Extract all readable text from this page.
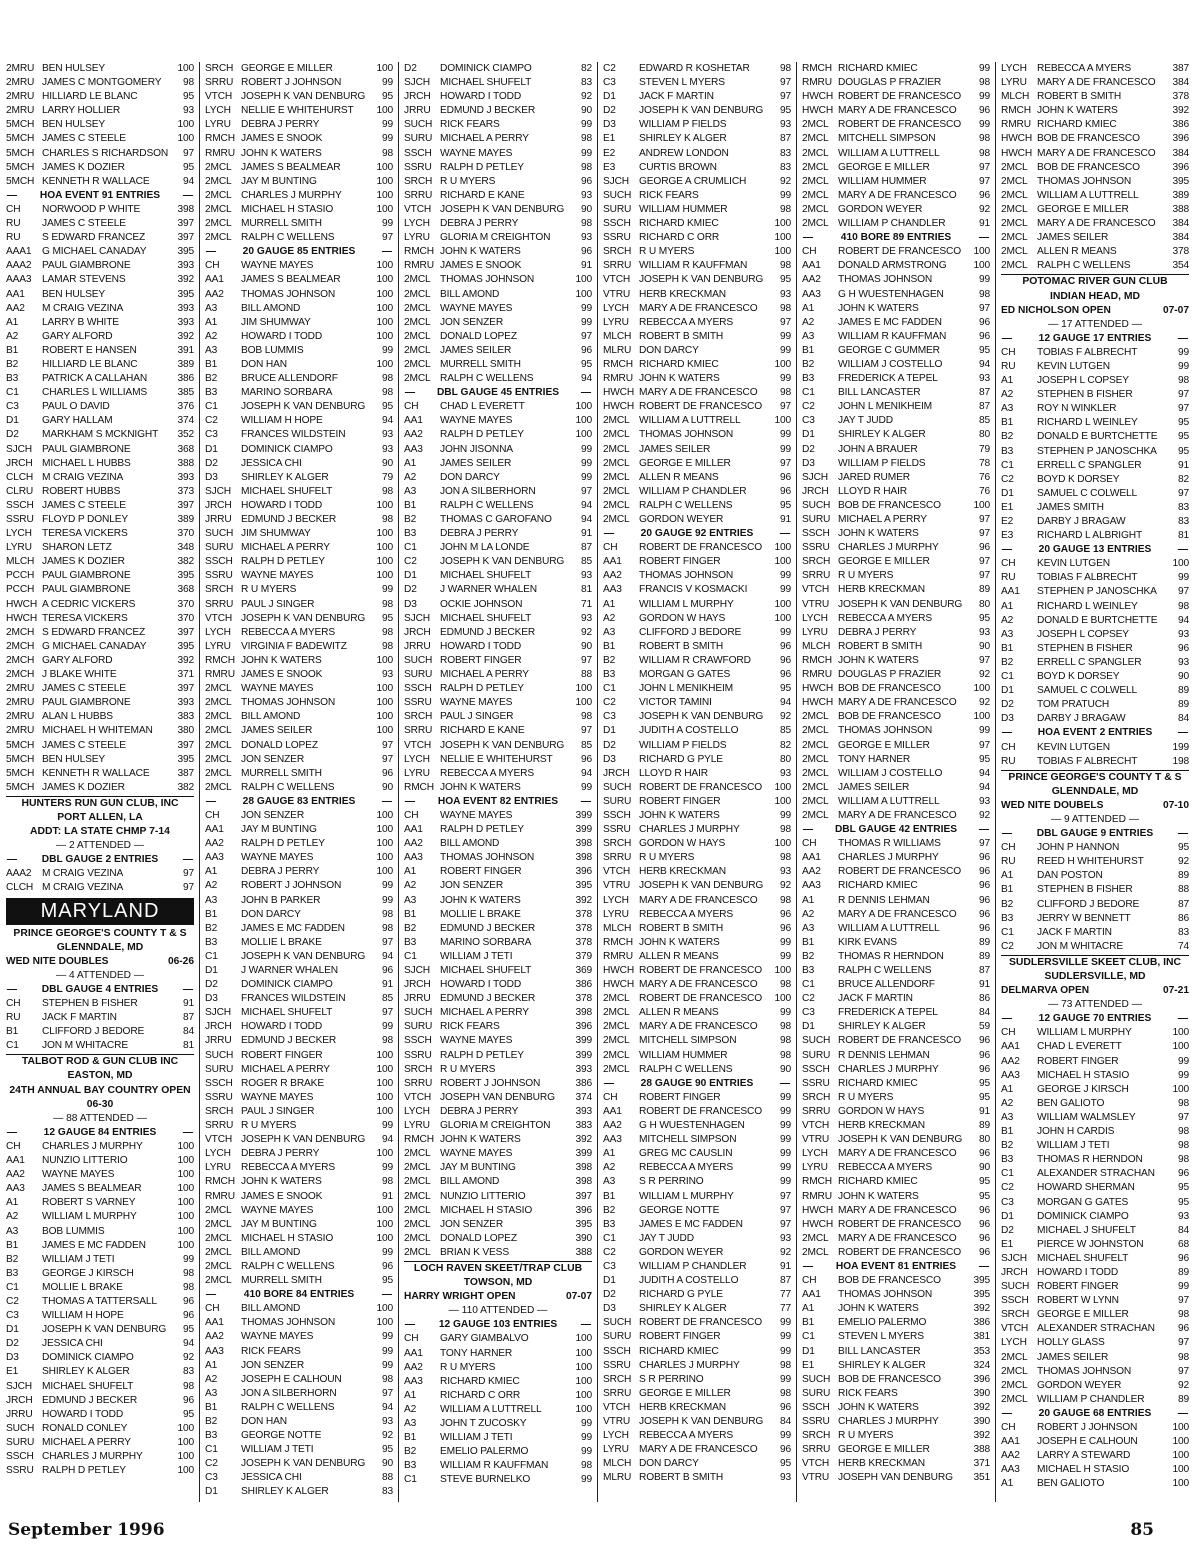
2MRU BEN HULSEY	100
2MRU JAMES C MONTGOMERY	98
2MRU HILLIARD LE BLANC	95
2MRU LARRY HOLLIER	93
5MCH BEN HULSEY	100
5MCH JAMES C STEELE	100
5MCH CHARLES S RICHARDSON	97
5MCH JAMES K DOZIER	95
5MCH KENNETH R WALLACE	94
— HOA EVENT 91 ENTRIES —
CH	NORWOOD P WHITE	398
RU	JAMES C STEELE	397
RU	S EDWARD FRANCEZ	397
AAA1	G MICHAEL CANADAY	395
AAA2	PAUL GIAMBRONE	393
AAA3	LAMAR STEVENS	392
AA1	BEN HULSEY	395
AA2	M CRAIG VEZINA	393
A1	LARRY B WHITE	393
A2	GARY ALFORD	392
B1	ROBERT E HANSEN	391
B2	HILLIARD LE BLANC	389
B3	PATRICK A CALLAHAN	386
C1	CHARLES L WILLIAMS	385
C3	PAUL O DAVID	376
D1	GARY HALLAM	374
D2	MARKHAM S MCKNIGHT	352
SJCH PAUL GIAMBRONE	368
JRCH MICHAEL L HUBBS	388
CLCH M CRAIG VEZINA	393
CLRU ROBERT HUBBS	373
SSCH JAMES C STEELE	397
SSRU FLOYD P DONLEY	389
LYCH TERESA VICKERS	370
LYRU SHARON LETZ	348
MLCH JAMES K DOZIER	382
PCCH PAUL GIAMBRONE	395
PCCH PAUL GIAMBRONE	368
HWCH A CEDRIC VICKERS	370
HWCH TERESA VICKERS	370
2MCH S EDWARD FRANCEZ	397
2MCH G MICHAEL CANADAY	395
2MCH GARY ALFORD	392
2MCH J BLAKE WHITE	371
2MRU JAMES C STEELE	397
2MRU PAUL GIAMBRONE	393
2MRU ALAN L HUBBS	383
2MRU MICHAEL H WHITEMAN	380
5MCH JAMES C STEELE	397
5MCH BEN HULSEY	395
5MCH KENNETH R WALLACE	387
5MCH JAMES K DOZIER	382
HUNTERS RUN GUN CLUB, INC
PORT ALLEN, LA
ADDT: LA STATE CHMP 7-14
— 2 ATTENDED —
— DBL GAUGE 2 ENTRIES —
AAA2	M CRAIG VEZINA	97
CLCH M CRAIG VEZINA	97
MARYLAND
PRINCE GEORGE'S COUNTY T & S
GLENNDALE, MD
WED NITE DOUBLES	06-26
— 4 ATTENDED —
— DBL GAUGE 4 ENTRIES —
CH	STEPHEN B FISHER	91
RU	JACK F MARTIN	87
B1	CLIFFORD J BEDORE	84
C1	JON M WHITACRE	81
TALBOT ROD & GUN CLUB INC
EASTON, MD
24TH ANNUAL BAY COUNTRY OPEN
06-30
— 88 ATTENDED —
—	12 GAUGE 84 ENTRIES	—
CH	CHARLES J MURPHY	100
AA1	NUNZIO LITTERIO	100
AA2	WAYNE MAYES	100
AA3	JAMES S BEALMEAR	100
A1	ROBERT S VARNEY	100
A2	WILLIAM L MURPHY	100
A3	BOB LUMMIS	100
B1	JAMES E MC FADDEN	100
B2	WILLIAM J TETI	99
B3	GEORGE J KIRSCH	98
C1	MOLLIE L BRAKE	98
C2	THOMAS A TATTERSALL	96
C3	WILLIAM H HOPE	96
D1	JOSEPH K VAN DENBURG	95
D2	JESSICA CHI	94
D3	DOMINICK CIAMPO	92
E1	SHIRLEY K ALGER	83
SJCH MICHAEL SHUFELT	98
JRCH EDMUND J BECKER	96
JRRU HOWARD I TODD	95
SUCH RONALD CONLEY	100
SURU MICHAEL A PERRY	100
SSCH CHARLES J MURPHY	100
SSRU RALPH D PETLEY	100
SRCH GEORGE E MILLER	100
SRRU ROBERT J JOHNSON	99
VTCH JOSEPH K VAN DENBURG	95
LYCH NELLIE E WHITEHURST	100
LYRU DEBRA J PERRY	99
RMCH JAMES E SNOOK	99
RMRU JOHN K WATERS	98
2MCL JAMES S BEALMEAR	100
2MCL JAY M BUNTING	100
2MCL CHARLES J MURPHY	100
2MCL MICHAEL H STASIO	100
2MCL MURRELL SMITH	99
2MCL RALPH C WELLENS	97
—	20 GAUGE 85 ENTRIES	—
CH	WAYNE MAYES	100
AA1	JAMES S BEALMEAR	100
AA2	THOMAS JOHNSON	100
A3	BILL AMOND	100
A1	JIM SHUMWAY	100
A2	HOWARD I TODD	100
A3	BOB LUMMIS	99
B1	DON HAN	100
B2	BRUCE ALLENDORF	98
B3	MARINO SORBARA	98
C1	JOSEPH K VAN DENBURG	95
C2	WILLIAM H HOPE	94
C3	FRANCES WILDSTEIN	93
D1	DOMINICK CIAMPO	93
D2	JESSICA CHI	90
D3	SHIRLEY K ALGER	79
SJCH MICHAEL SHUFELT	98
JRCH HOWARD I TODD	100
JRRU EDMUND J BECKER	98
SUCH JIM SHUMWAY	100
SURU MICHAEL A PERRY	100
SSCH RALPH D PETLEY	100
SSRU WAYNE MAYES	100
SRCH R U MYERS	99
SRRU PAUL J SINGER	98
VTCH JOSEPH K VAN DENBURG	95
LYCH REBECCA A MYERS	98
LYRU VIRGINIA F BADEWITZ	98
RMCH JOHN K WATERS	100
RMRU JAMES E SNOOK	93
2MCL WAYNE MAYES	100
2MCL THOMAS JOHNSON	100
2MCL BILL AMOND	100
2MCL JAMES SEILER	100
2MCL DONALD LOPEZ	97
2MCL JON SENZER	97
2MCL MURRELL SMITH	96
2MCL RALPH C WELLENS	90
—	28 GAUGE 83 ENTRIES	—
CH	JON SENZER	100
AA1	JAY M BUNTING	100
AA2	RALPH D PETLEY	100
AA3	WAYNE MAYES	100
A1	DEBRA J PERRY	100
A2	ROBERT J JOHNSON	99
A3	JOHN B PARKER	99
B1	DON DARCY	98
B2	JAMES E MC FADDEN	98
B3	MOLLIE L BRAKE	97
C1	JOSEPH K VAN DENBURG	94
D1	J WARNER WHALEN	96
D2	DOMINICK CIAMPO	91
D3	FRANCES WILDSTEIN	85
SJCH MICHAEL SHUFELT	97
JRCH HOWARD I TODD	99
JRRU EDMUND J BECKER	98
SUCH ROBERT FINGER	100
SURU MICHAEL A PERRY	100
SSCH ROGER R BRAKE	100
SSRU WAYNE MAYES	100
SRCH PAUL J SINGER	100
SRRU R U MYERS	99
VTCH JOSEPH K VAN DENBURG	94
LYCH DEBRA J PERRY	100
LYRU REBECCA A MYERS	99
RMCH JOHN K WATERS	98
RMRU JAMES E SNOOK	91
2MCL WAYNE MAYES	100
2MCL JAY M BUNTING	100
2MCL MICHAEL H STASIO	100
2MCL BILL AMOND	99
2MCL RALPH C WELLENS	96
2MCL MURRELL SMITH	95
—	410 BORE 84 ENTRIES	—
CH	BILL AMOND	100
AA1	THOMAS JOHNSON	100
AA2	WAYNE MAYES	99
AA3	RICK FEARS	99
A1	JON SENZER	99
A2	JOSEPH E CALHOUN	98
A3	JON A SILBERHORN	97
B1	RALPH C WELLENS	94
B2	DON HAN	93
B3	GEORGE NOTTE	92
C1	WILLIAM J TETI	95
C2	JOSEPH K VAN DENBURG	90
C3	JESSICA CHI	88
D1	SHIRLEY K ALGER	83
D2	DOMINICK CIAMPO	82
SJCH MICHAEL SHUFELT	83
JRCH HOWARD I TODD	92
JRRU EDMUND J BECKER	90
SUCH RICK FEARS	99
SURU MICHAEL A PERRY	98
SSCH WAYNE MAYES	99
SSRU RALPH D PETLEY	98
SRCH R U MYERS	96
SRRU RICHARD E KANE	93
VTCH JOSEPH K VAN DENBURG	90
LYCH DEBRA J PERRY	98
LYRU GLORIA M CREIGHTON	93
RMCH JOHN K WATERS	96
RMRU JAMES E SNOOK	91
2MCL THOMAS JOHNSON	100
2MCL BILL AMOND	100
2MCL WAYNE MAYES	99
2MCL JON SENZER	99
2MCL DONALD LOPEZ	97
2MCL JAMES SEILER	96
2MCL MURRELL SMITH	95
2MCL RALPH C WELLENS	94
— DBL GAUGE 45 ENTRIES —
CH	CHAD L EVERETT	100
AA1	WAYNE MAYES	100
AA2	RALPH D PETLEY	100
AA3	JOHN JISONNA	99
A1	JAMES SEILER	99
A2	DON DARCY	99
A3	JON A SILBERHORN	97
B1	RALPH C WELLENS	94
B2	THOMAS C GAROFANO	94
B3	DEBRA J PERRY	91
C1	JOHN M LA LONDE	87
C2	JOSEPH K VAN DENBURG	85
D1	MICHAEL SHUFELT	93
D2	J WARNER WHALEN	81
D3	OCKIE JOHNSON	71
SJCH MICHAEL SHUFELT	93
JRCH EDMUND J BECKER	92
JRRU HOWARD I TODD	90
SUCH ROBERT FINGER	97
SURU MICHAEL A PERRY	88
SSCH RALPH D PETLEY	100
SSRU WAYNE MAYES	100
SRCH PAUL J SINGER	98
SRRU RICHARD E KANE	97
VTCH JOSEPH K VAN DENBURG	85
LYCH NELLIE E WHITEHURST	96
LYRU REBECCA A MYERS	94
RMCH JOHN K WATERS	99
— HOA EVENT 82 ENTRIES —
CH	WAYNE MAYES	399
AA1	RALPH D PETLEY	399
AA2	BILL AMOND	398
AA3	THOMAS JOHNSON	398
A1	ROBERT FINGER	396
A2	JON SENZER	395
A3	JOHN K WATERS	392
B1	MOLLIE L BRAKE	378
B2	EDMUND J BECKER	378
B3	MARINO SORBARA	378
C1	WILLIAM J TETI	379
SJCH MICHAEL SHUFELT	369
JRCH HOWARD I TODD	386
JRRU EDMUND J BECKER	378
SUCH MICHAEL A PERRY	398
SURU RICK FEARS	396
SSCH WAYNE MAYES	399
SSRU RALPH D PETLEY	399
SRCH R U MYERS	393
SRRU ROBERT J JOHNSON	386
VTCH JOSEPH VAN DENBURG	374
LYCH DEBRA J PERRY	393
LYRU GLORIA M CREIGHTON	383
RMCH JOHN K WATERS	392
2MCL WAYNE MAYES	399
2MCL JAY M BUNTING	398
2MCL BILL AMOND	398
2MCL NUNZIO LITTERIO	397
2MCL MICHAEL H STASIO	396
2MCL JON SENZER	395
2MCL DONALD LOPEZ	390
2MCL BRIAN K VESS	388
LOCH RAVEN SKEET/TRAP CLUB
TOWSON, MD
HARRY WRIGHT OPEN	07-07
— 110 ATTENDED —
— 12 GAUGE 103 ENTRIES —
CH	GARY GIAMBALVO	100
AA1	TONY HARNER	100
AA2	R U MYERS	100
AA3	RICHARD KMIEC	100
A1	RICHARD C ORR	100
A2	WILLIAM A LUTTRELL	100
A3	JOHN T ZUCOSKY	99
B1	WILLIAM J TETI	99
B2	EMELIO PALERMO	99
B3	WILLIAM R KAUFFMAN	98
C1	STEVE BURNELKO	99
C2	EDWARD R KOSHETAR	98
C3	STEVEN L MYERS	97
D1	JACK F MARTIN	97
D2	JOSEPH K VAN DENBURG	95
D3	WILLIAM P FIELDS	93
E1	SHIRLEY K ALGER	87
E2	ANDREW LONDON	83
E3	CURTIS BROWN	83
SJCH GEORGE A CRUMLICH	92
SUCH RICK FEARS	99
SURU WILLIAM HUMMER	98
SSCH RICHARD KMIEC	100
SSRU RICHARD C ORR	100
SRCH R U MYERS	100
SRRU WILLIAM R KAUFFMAN	98
VTCH JOSEPH K VAN DENBURG	95
VTRU HERB KRECKMAN	93
LYCH MARY A DE FRANCESCO	98
LYRU REBECCA A MYERS	97
MLCH ROBERT B SMITH	99
MLRU DON DARCY	99
RMCH RICHARD KMIEC	100
RMRU JOHN K WATERS	99
HWCH MARY A DE FRANCESCO	98
HWCH ROBERT DE FRANCESCO	97
2MCL WILLIAM A LUTTRELL	100
2MCL THOMAS JOHNSON	99
2MCL JAMES SEILER	99
2MCL GEORGE E MILLER	97
2MCL ALLEN R MEANS	96
2MCL WILLIAM P CHANDLER	96
2MCL RALPH C WELLENS	95
2MCL GORDON WEYER	91
—	20 GAUGE 92 ENTRIES	—
CH	ROBERT DE FRANCESCO	100
AA1	ROBERT FINGER	100
AA2	THOMAS JOHNSON	99
AA3	FRANCIS V KOSMACKI	99
A1	WILLIAM L MURPHY	100
A2	GORDON W HAYS	100
A3	CLIFFORD J BEDORE	99
B1	ROBERT B SMITH	96
B2	WILLIAM R CRAWFORD	96
B3	MORGAN G GATES	96
C1	JOHN L MENIKHEIM	95
C2	VICTOR TAMINI	94
C3	JOSEPH K VAN DENBURG	92
D1	JUDITH A COSTELLO	85
D2	WILLIAM P FIELDS	82
D3	RICHARD G PYLE	80
JRCH LLOYD R HAIR	93
SUCH ROBERT DE FRANCESCO	100
SURU ROBERT FINGER	100
SSCH JOHN K WATERS	99
SSRU CHARLES J MURPHY	98
SRCH GORDON W HAYS	100
SRRU R U MYERS	98
VTCH HERB KRECKMAN	93
VTRU JOSEPH K VAN DENBURG	92
LYCH MARY A DE FRANCESCO	98
LYRU REBECCA A MYERS	96
MLCH ROBERT B SMITH	96
RMCH JOHN K WATERS	99
RMRU ALLEN R MEANS	99
HWCH ROBERT DE FRANCESCO	100
HWCH MARY A DE FRANCESCO	98
2MCL ROBERT DE FRANCESCO	100
2MCL ALLEN R MEANS	99
2MCL MARY A DE FRANCESCO	98
2MCL MITCHELL SIMPSON	98
2MCL WILLIAM HUMMER	98
2MCL RALPH C WELLENS	90
—	28 GAUGE 90 ENTRIES	—
CH	ROBERT FINGER	99
AA1	ROBERT DE FRANCESCO	99
AA2	G H WUESTENHAGEN	99
AA3	MITCHELL SIMPSON	99
A1	GREG MC CAUSLIN	99
A2	REBECCA A MYERS	99
A3	S R PERRINO	99
B1	WILLIAM L MURPHY	97
B2	GEORGE NOTTE	97
B3	JAMES E MC FADDEN	97
C1	JAY T JUDD	93
C2	GORDON WEYER	92
C3	WILLIAM P CHANDLER	91
D1	JUDITH A COSTELLO	87
D2	RICHARD G PYLE	77
D3	SHIRLEY K ALGER	77
SUCH ROBERT DE FRANCESCO	99
SURU ROBERT FINGER	99
SSCH RICHARD KMIEC	99
SSRU CHARLES J MURPHY	98
SRCH S R PERRINO	99
SRRU GEORGE E MILLER	98
VTCH HERB KRECKMAN	96
VTRU JOSEPH K VAN DENBURG	84
LYCH REBECCA A MYERS	99
LYRU MARY A DE FRANCESCO	96
MLCH DON DARCY	95
MLRU ROBERT B SMITH	93
RMCH RICHARD KMIEC	99
RMRU DOUGLAS P FRAZIER	98
HWCH ROBERT DE FRANCESCO	99
HWCH MARY A DE FRANCESCO	96
2MCL ROBERT DE FRANCESCO	99
2MCL MITCHELL SIMPSON	98
2MCL WILLIAM A LUTTRELL	98
2MCL GEORGE E MILLER	97
2MCL WILLIAM HUMMER	97
2MCL MARY A DE FRANCESCO	96
2MCL GORDON WEYER	92
2MCL WILLIAM P CHANDLER	91
—	410 BORE 89 ENTRIES	—
CH	ROBERT DE FRANCESCO	100
AA1	DONALD ARMSTRONG	100
AA2	THOMAS JOHNSON	99
AA3	G H WUESTENHAGEN	98
A1	JOHN K WATERS	97
A2	JAMES E MC FADDEN	96
A3	WILLIAM R KAUFFMAN	96
B1	GEORGE C GUMMER	95
B2	WILLIAM J COSTELLO	94
B3	FREDERICK A TEPEL	93
C1	BILL LANCASTER	87
C2	JOHN L MENIKHEIM	87
C3	JAY T JUDD	85
D1	SHIRLEY K ALGER	80
D2	JOHN A BRAUER	79
D3	WILLIAM P FIELDS	78
SJCH JARED RUMER	76
JRCH LLOYD R HAIR	76
SUCH BOB DE FRANCESCO	100
SURU MICHAEL A PERRY	97
SSCH JOHN K WATERS	97
SSRU CHARLES J MURPHY	96
SRCH GEORGE E MILLER	97
SRRU R U MYERS	97
VTCH HERB KRECKMAN	89
VTRU JOSEPH K VAN DENBURG	80
LYCH REBECCA A MYERS	95
LYRU DEBRA J PERRY	93
MLCH ROBERT B SMITH	90
RMCH JOHN K WATERS	97
RMRU DOUGLAS P FRAZIER	92
HWCH BOB DE FRANCESCO	100
HWCH MARY A DE FRANCESCO	92
2MCL BOB DE FRANCESCO	100
2MCL THOMAS JOHNSON	99
2MCL GEORGE E MILLER	97
2MCL TONY HARNER	95
2MCL WILLIAM J COSTELLO	94
2MCL JAMES SEILER	94
2MCL WILLIAM A LUTTRELL	93
2MCL MARY A DE FRANCESCO	92
— DBL GAUGE 42 ENTRIES —
CH	THOMAS R WILLIAMS	97
AA1	CHARLES J MURPHY	96
AA2	ROBERT DE FRANCESCO	96
AA3	RICHARD KMIEC	96
A1	R DENNIS LEHMAN	96
A2	MARY A DE FRANCESCO	96
A3	WILLIAM A LUTTRELL	96
B1	KIRK EVANS	89
B2	THOMAS R HERNDON	89
B3	RALPH C WELLENS	87
C1	BRUCE ALLENDORF	91
C2	JACK F MARTIN	86
C3	FREDERICK A TEPEL	84
D1	SHIRLEY K ALGER	59
SUCH ROBERT DE FRANCESCO	96
SURU R DENNIS LEHMAN	96
SSCH CHARLES J MURPHY	96
SSRU RICHARD KMIEC	95
SRCH R U MYERS	95
SRRU GORDON W HAYS	91
VTCH HERB KRECKMAN	89
VTRU JOSEPH K VAN DENBURG	80
LYCH MARY A DE FRANCESCO	96
LYRU REBECCA A MYERS	90
RMCH RICHARD KMIEC	95
RMRU JOHN K WATERS	95
HWCH MARY A DE FRANCESCO	96
HWCH ROBERT DE FRANCESCO	96
2MCL MARY A DE FRANCESCO	96
2MCL ROBERT DE FRANCESCO	96
— HOA EVENT 81 ENTRIES —
CH	BOB DE FRANCESCO	395
AA1	THOMAS JOHNSON	395
A1	JOHN K WATERS	392
B1	EMELIO PALERMO	386
C1	STEVEN L MYERS	381
D1	BILL LANCASTER	353
E1	SHIRLEY K ALGER	324
SUCH BOB DE FRANCESCO	396
SURU RICK FEARS	390
SSCH JOHN K WATERS	392
SSRU CHARLES J MURPHY	390
SRCH R U MYERS	392
SRRU GEORGE E MILLER	388
VTCH HERB KRECKMAN	371
VTRU JOSEPH VAN DENBURG	351
LYCH REBECCA A MYERS	387
LYRU MARY A DE FRANCESCO	384
MLCH ROBERT B SMITH	378
RMCH JOHN K WATERS	392
RMRU RICHARD KMIEC	386
HWCH BOB DE FRANCESCO	396
HWCH MARY A DE FRANCESCO	384
2MCL BOB DE FRANCESCO	396
2MCL THOMAS JOHNSON	395
2MCL WILLIAM A LUTTRELL	389
2MCL GEORGE E MILLER	388
2MCL MARY A DE FRANCESCO	384
2MCL JAMES SEILER	384
2MCL ALLEN R MEANS	378
2MCL RALPH C WELLENS	354
POTOMAC RIVER GUN CLUB
INDIAN HEAD, MD
ED NICHOLSON OPEN	07-07
— 17 ATTENDED —
—	12 GAUGE 17 ENTRIES	—
CH	TOBIAS F ALBRECHT	99
RU	KEVIN LUTGEN	99
A1	JOSEPH L COPSEY	98
A2	STEPHEN B FISHER	97
A3	ROY N WINKLER	97
B1	RICHARD L WEINLEY	95
B2	DONALD E BURTCHETTE	95
B3	STEPHEN P JANOSCHKA	95
C1	ERRELL C SPANGLER	91
C2	BOYD K DORSEY	82
D1	SAMUEL C COLWELL	97
E1	JAMES SMITH	83
E2	DARBY J BRAGAW	83
E3	RICHARD L ALBRIGHT	81
—	20 GAUGE 13 ENTRIES	—
CH	KEVIN LUTGEN	100
RU	TOBIAS F ALBRECHT	99
AA1	STEPHEN P JANOSCHKA	97
A1	RICHARD L WEINLEY	98
A2	DONALD E BURTCHETTE	94
A3	JOSEPH L COPSEY	93
B1	STEPHEN B FISHER	96
B2	ERRELL C SPANGLER	93
C1	BOYD K DORSEY	90
D1	SAMUEL C COLWELL	89
D2	TOM PRATUCH	89
D3	DARBY J BRAGAW	84
—	HOA EVENT 2 ENTRIES	—
CH	KEVIN LUTGEN	199
RU	TOBIAS F ALBRECHT	198
PRINCE GEORGE'S COUNTY T & S
GLENNDALE, MD
WED NITE DOUBELS	07-10
— 9 ATTENDED —
— DBL GAUGE 9 ENTRIES —
CH	JOHN P HANNON	95
RU	REED H WHITEHURST	92
A1	DAN POSTON	89
B1	STEPHEN B FISHER	88
B2	CLIFFORD J BEDORE	87
B3	JERRY W BENNETT	86
C1	JACK F MARTIN	83
C2	JON M WHITACRE	74
SUDLERSVILLE SKEET CLUB, INC
SUDLERSVILLE, MD
DELMARVA OPEN	07-21
— 73 ATTENDED —
—	12 GAUGE 70 ENTRIES	—
CH	WILLIAM L MURPHY	100
AA1	CHAD L EVERETT	100
AA2	ROBERT FINGER	99
AA3	MICHAEL H STASIO	99
A1	GEORGE J KIRSCH	100
A2	BEN GALIOTO	98
A3	WILLIAM WALMSLEY	97
B1	JOHN H CARDIS	98
B2	WILLIAM J TETI	98
B3	THOMAS R HERNDON	98
C1	ALEXANDER STRACHAN	96
C2	HOWARD SHERMAN	95
C3	MORGAN G GATES	95
D1	DOMINICK CIAMPO	93
D2	MICHAEL J SHUFELT	84
E1	PIERCE W JOHNSTON	68
SJCH MICHAEL SHUFELT	96
JRCH HOWARD I TODD	89
SUCH ROBERT FINGER	99
SSCH ROBERT W LYNN	97
SRCH GEORGE E MILLER	98
VTCH ALEXANDER STRACHAN	96
LYCH HOLLY GLASS	97
2MCL JAMES SEILER	98
2MCL THOMAS JOHNSON	97
2MCL GORDON WEYER	92
2MCL WILLIAM P CHANDLER	89
—	20 GAUGE 68 ENTRIES	—
CH	ROBERT J JOHNSON	100
AA1	JOSEPH E CALHOUN	100
AA2	LARRY A STEWARD	100
AA3	MICHAEL H STASIO	100
A1	BEN GALIOTO	100
September 1996	85
